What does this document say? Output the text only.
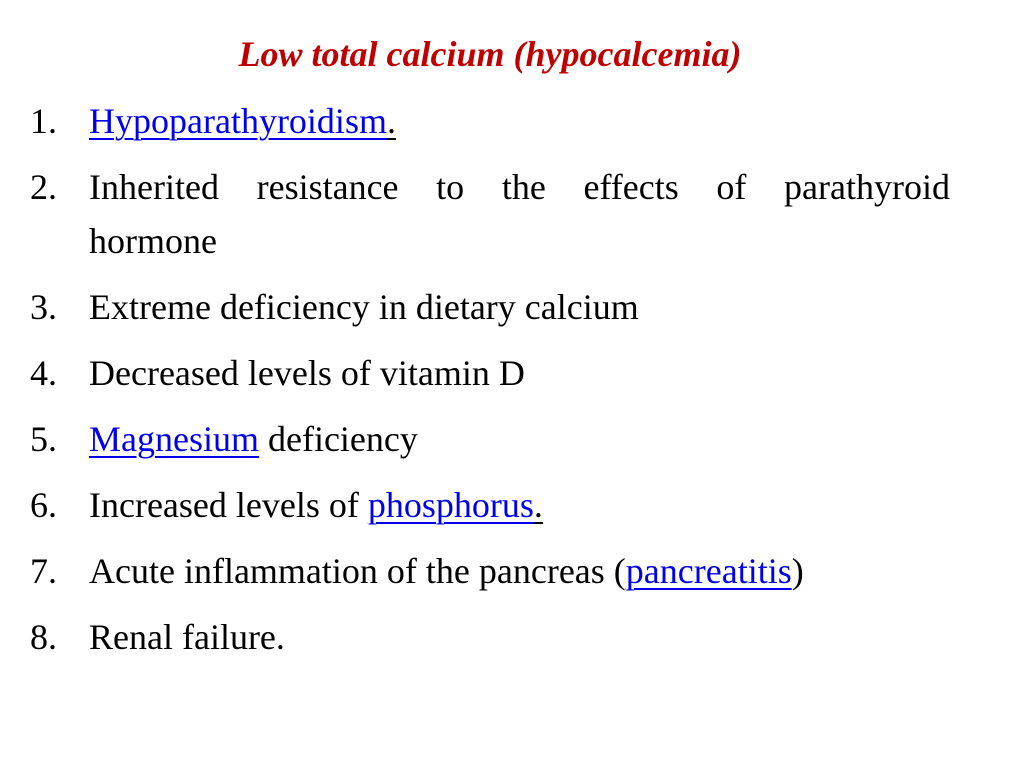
Low total calcium (hypocalcemia)
1. Hypoparathyroidism.
2. Inherited resistance to the effects of parathyroid
hormone
3. Extreme deficiency in dietary calcium
4. Decreased levels of vitamin D
5. Magnesium deficiency
6. Increased levels of phosphorus.
7. Acute inflammation of the pancreas (pancreatitis)
8. Renal failure.
